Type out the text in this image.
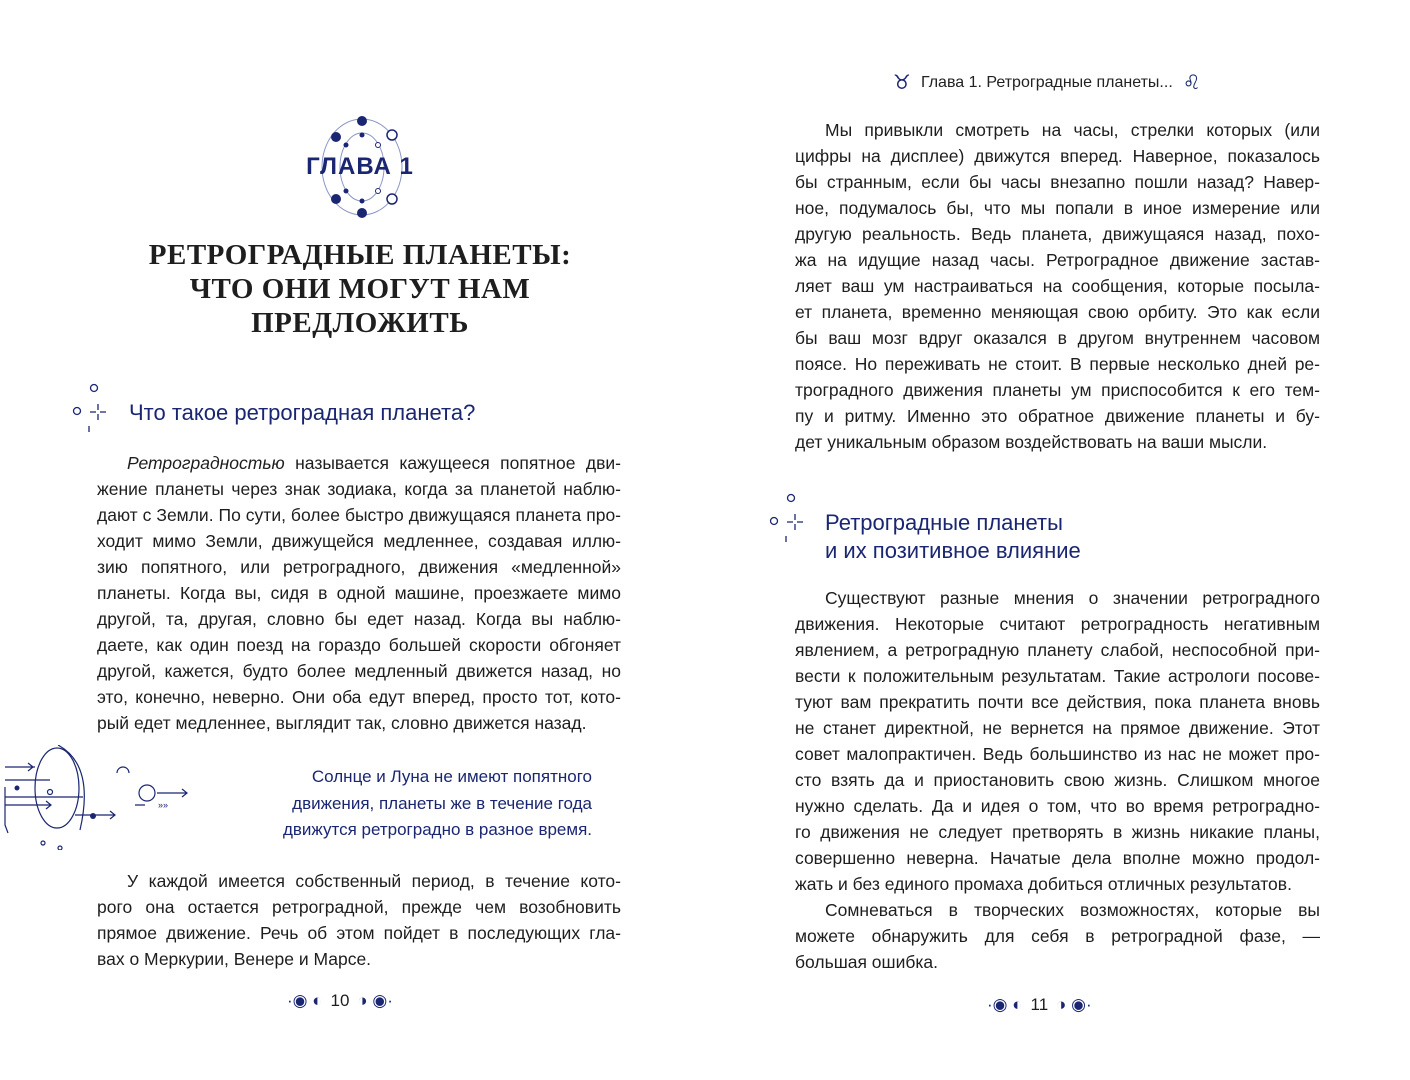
ГЛАВА 1
РЕТРОГРАДНЫЕ ПЛАНЕТЫ:
ЧТО ОНИ МОГУТ НАМ
ПРЕДЛОЖИТЬ
Что такое ретроградная планета?
Ретроградностью называется кажущееся попятное дви-
жение планеты через знак зодиака, когда за планетой наблю-
дают с Земли. По сути, более быстро движущаяся планета про-
ходит мимо Земли, движущейся медленнее, создавая иллю-
зию попятного, или ретроградного, движения «медленной»
планеты. Когда вы, сидя в одной машине, проезжаете мимо
другой, та, другая, словно бы едет назад. Когда вы наблю-
даете, как один поезд на гораздо большей скорости обгоняет
другой, кажется, будто более медленный движется назад, но
это, конечно, неверно. Они оба едут вперед, просто тот, кото-
рый едет медленнее, выглядит так, словно движется назад.
»»
Солнце и Луна не имеют попятного
движения, планеты же в течение года
движутся ретроградно в разное время.
У каждой имеется собственный период, в течение кото-
рого она остается ретроградной, прежде чем возобновить
прямое движение. Речь об этом пойдет в последующих гла-
вах о Меркурии, Венере и Марсе.
·◉ ◐ 10 ◑ ◉·
♉ Глава 1. Ретроградные планеты... ♌
Мы привыкли смотреть на часы, стрелки которых (или
цифры на дисплее) движутся вперед. Наверное, показалось
бы странным, если бы часы внезапно пошли назад? Навер-
ное, подумалось бы, что мы попали в иное измерение или
другую реальность. Ведь планета, движущаяся назад, похо-
жа на идущие назад часы. Ретроградное движение застав-
ляет ваш ум настраиваться на сообщения, которые посыла-
ет планета, временно меняющая свою орбиту. Это как если
бы ваш мозг вдруг оказался в другом внутреннем часовом
поясе. Но переживать не стоит. В первые несколько дней ре-
троградного движения планеты ум приспособится к его тем-
пу и ритму. Именно это обратное движение планеты и бу-
дет уникальным образом воздействовать на ваши мысли.
Ретроградные планеты
и их позитивное влияние
Существуют разные мнения о значении ретроградного
движения. Некоторые считают ретроградность негативным
явлением, а ретроградную планету слабой, неспособной при-
вести к положительным результатам. Такие астрологи посове-
туют вам прекратить почти все действия, пока планета вновь
не станет директной, не вернется на прямое движение. Этот
совет малопрактичен. Ведь большинство из нас не может про-
сто взять да и приостановить свою жизнь. Слишком многое
нужно сделать. Да и идея о том, что во время ретроградно-
го движения не следует претворять в жизнь никакие планы,
совершенно неверна. Начатые дела вполне можно продол-
жать и без единого промаха добиться отличных результатов.
Сомневаться в творческих возможностях, которые вы
можете обнаружить для себя в ретроградной фазе, —
большая ошибка.
·◉ ◐ 11 ◑ ◉·
